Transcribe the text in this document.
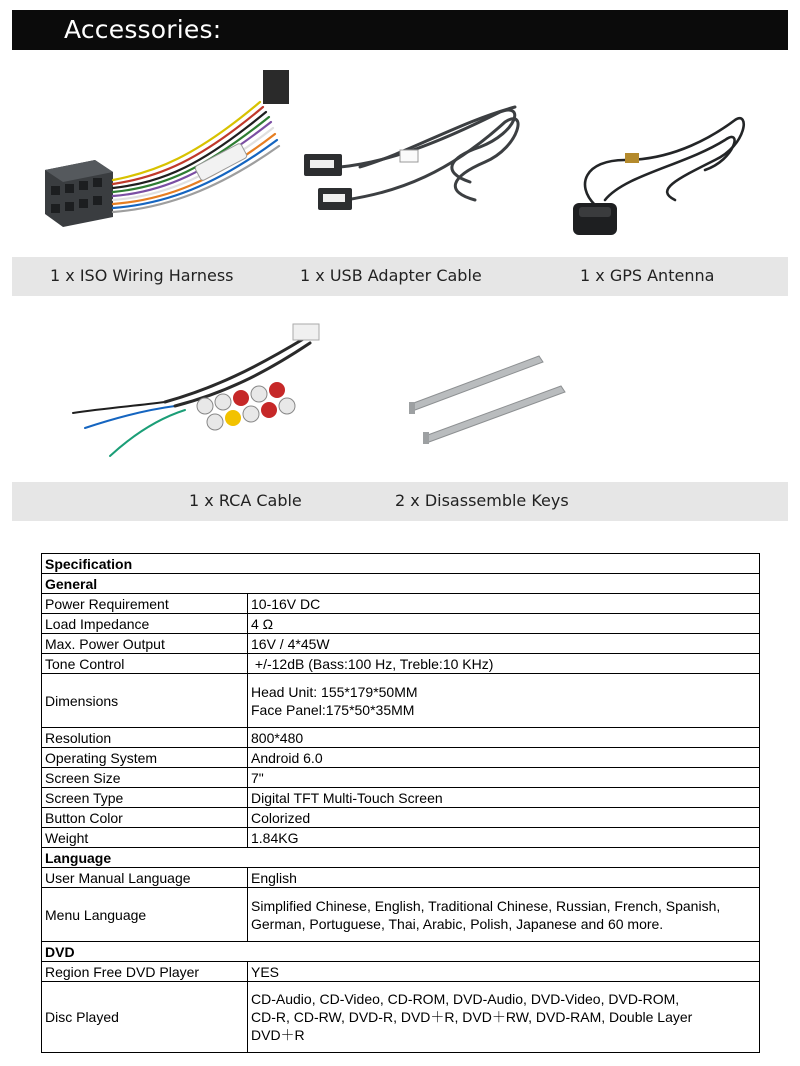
Accessories:
1 x ISO Wiring Harness	1 x USB Adapter Cable	1 x GPS Antenna
1 x RCA Cable	2 x Disassemble Keys
Specification	
General	
Power Requirement	10-16V DC
Load Impedance	4 Ω
Max. Power Output	16V / 4*45W
Tone Control	+/-12dB (Bass:100 Hz, Treble:10 KHz)
Dimensions	Head Unit: 155*179*50MM
Face Panel:175*50*35MM

Resolution	800*480
Operating System	Android 6.0
Screen Size	7"
Screen Type	Digital TFT Multi-Touch Screen
Button Color	Colorized
Weight	1.84KG
Language	
User Manual Language	English
Menu Language	Simplified Chinese, English, Traditional Chinese, Russian, French, Spanish,
German, Portuguese, Thai, Arabic, Polish, Japanese and 60 more.

DVD	
Region Free DVD Player	YES
Disc Played	CD-Audio, CD-Video, CD-ROM, DVD-Audio, DVD-Video, DVD-ROM,
CD-R, CD-RW, DVD-R, DVD＋R, DVD＋RW, DVD-RAM, Double Layer
DVD＋R
